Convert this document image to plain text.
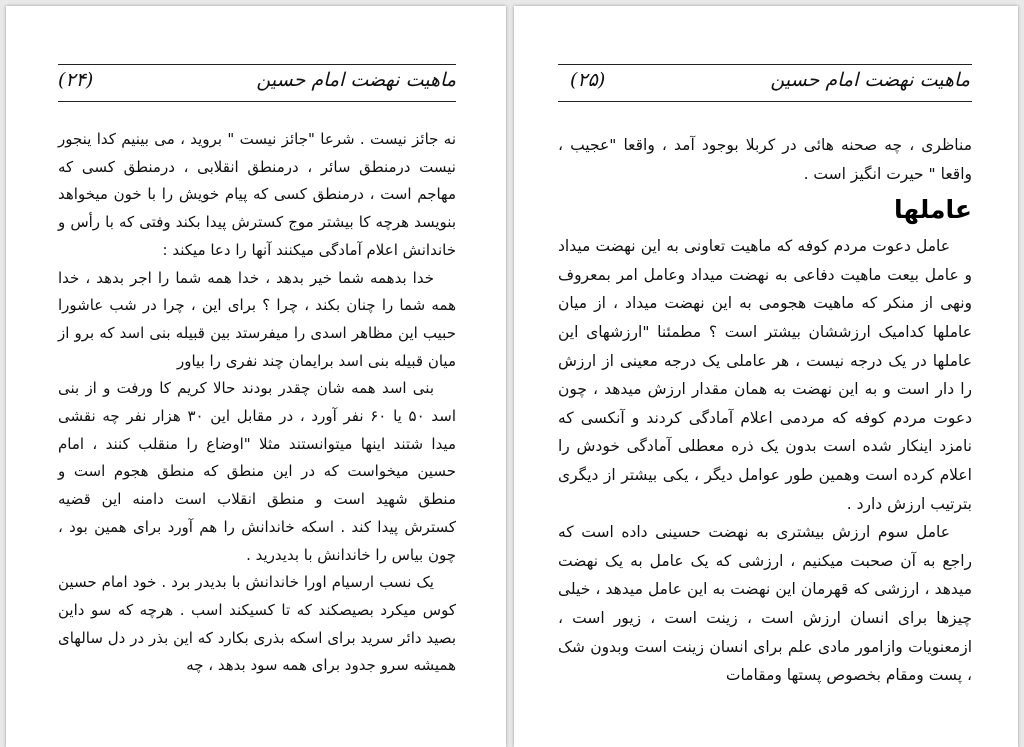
ماهیت نهضت امام حسین
(۲۴)

نه جائز نیست . شرعا "جائز نیست " بروید ، می بینیم کدا ینجور نیست درمنطق سائر ، درمنطق انقلابی ، درمنطق کسی که مهاجم است ، درمنطق کسی که پیام خویش را با خون میخواهد بنویسد هرچه کا بیشتر موج کسترش پیدا بکند وفتی که با رأس و خاندانش اعلام آمادگی میکنند آنها را دعا میکند :

خدا بدهمه شما خیر بدهد ، خدا همه شما را اجر بدهد ، خدا همه شما را چنان بکند ، چرا ؟ برای این ، چرا در شب عاشورا حبیب این مظاهر اسدی را میفرستد بین قبیله بنی اسد که برو از میان قبیله بنی اسد برایمان چند نفری را بیاور

بنی اسد همه شان چقدر بودند حالا کریم کا ورفت و از بنی اسد ۵۰ یا ۶۰ نفر آورد ، در مقابل این ۳۰ هزار نفر چه نقشی میدا شتند اینها میتوانستند مثلا "اوضاع را منقلب کنند ، امام حسین میخواست که در این منطق که منطق هجوم است و منطق شهید است و منطق انقلاب است دامنه این قضیه کسترش پیدا کند . اسکه خاندانش را هم آورد برای همین بود ، چون بیاس را خاندانش با بدیدرید .

یک نسب ارسیام اورا خاندانش با بدیدر برد . خود امام حسین کوس میکرد بصیصکند که تا کسیکند اسب . هرچه که سو داین بصید دائر سرید برای اسکه بذری بکارد که این بذر در دل سالهای همیشه سرو جدود برای همه سود بدهد ، چه

ماهیت نهضت امام حسین
(۲۵)

مناظری ، چه صحنه هائی در کربلا بوجود آمد ، واقعا "عجیب ، واقعا " حیرت انگیز است .

عاملها

عامل دعوت مردم کوفه که ماهیت تعاونی به این نهضت میداد و عامل بیعت ماهیت دفاعی به نهضت میداد وعامل امر بمعروف ونهی از منکر که ماهیت هجومی به این نهضت میداد ، از میان عاملها کدامیک ارزششان بیشتر است ؟ مطمئنا "ارزشهای این عاملها در یک درجه نیست ، هر عاملی یک درجه معینی از ارزش را دار است و به این نهضت به همان مقدار ارزش میدهد ، چون دعوت مردم کوفه که مردمی اعلام آمادگی کردند و آنکسی که نامزد اینکار شده است بدون یک ذره معطلی آمادگی خودش را اعلام کرده است وهمین طور عوامل دیگر ، یکی بیشتر از دیگری بترتیب ارزش دارد .

عامل سوم ارزش بیشتری به نهضت حسینی داده است که راجع به آن صحبت میکنیم ، ارزشی که یک عامل به یک نهضت میدهد ، ارزشی که قهرمان این نهضت به این عامل میدهد ، خیلی چیزها برای انسان ارزش است ، زینت است ، زیور است ، ازمعنویات وازامور مادی علم برای انسان زینت است وبدون شک ، پست ومقام بخصوص پستها ومقامات
